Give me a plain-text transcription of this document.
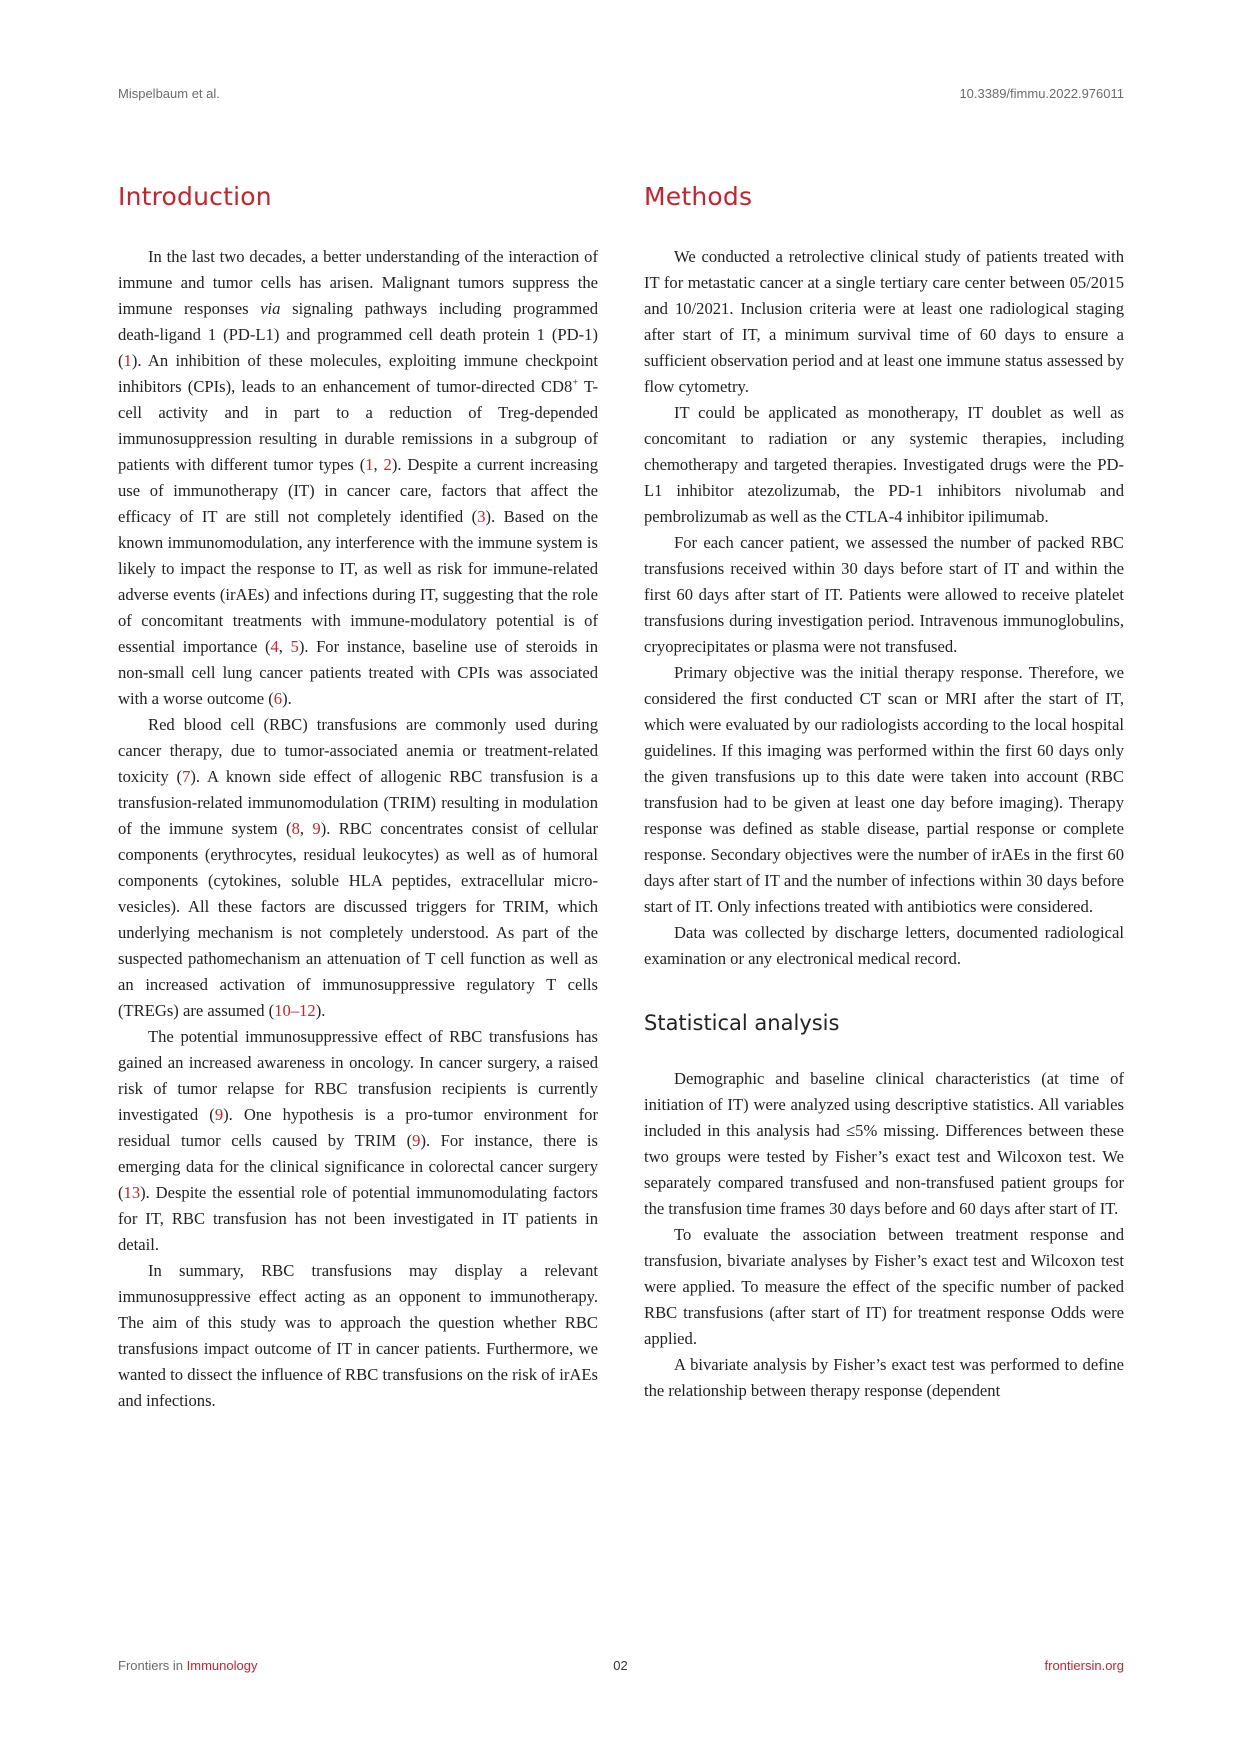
Mispelbaum et al.	10.3389/fimmu.2022.976011
Introduction

In the last two decades, a better understanding of the interaction of immune and tumor cells has arisen. Malignant tumors suppress the immune responses via signaling pathways including programmed death-ligand 1 (PD-L1) and programmed cell death protein 1 (PD-1) (1). An inhibition of these molecules, exploiting immune checkpoint inhibitors (CPIs), leads to an enhancement of tumor-directed CD8+ T-cell activity and in part to a reduction of Treg-depended immunosuppression resulting in durable remissions in a subgroup of patients with different tumor types (1, 2). Despite a current increasing use of immunotherapy (IT) in cancer care, factors that affect the efficacy of IT are still not completely identified (3). Based on the known immunomodulation, any interference with the immune system is likely to impact the response to IT, as well as risk for immune-related adverse events (irAEs) and infections during IT, suggesting that the role of concomitant treatments with immune-modulatory potential is of essential importance (4, 5). For instance, baseline use of steroids in non-small cell lung cancer patients treated with CPIs was associated with a worse outcome (6).

Red blood cell (RBC) transfusions are commonly used during cancer therapy, due to tumor-associated anemia or treatment-related toxicity (7). A known side effect of allogenic RBC transfusion is a transfusion-related immunomodulation (TRIM) resulting in modulation of the immune system (8, 9). RBC concentrates consist of cellular components (erythrocytes, residual leukocytes) as well as of humoral components (cytokines, soluble HLA peptides, extracellular micro-vesicles). All these factors are discussed triggers for TRIM, which underlying mechanism is not completely understood. As part of the suspected pathomechanism an attenuation of T cell function as well as an increased activation of immunosuppressive regulatory T cells (TREGs) are assumed (10–12).

The potential immunosuppressive effect of RBC transfusions has gained an increased awareness in oncology. In cancer surgery, a raised risk of tumor relapse for RBC transfusion recipients is currently investigated (9). One hypothesis is a pro-tumor environment for residual tumor cells caused by TRIM (9). For instance, there is emerging data for the clinical significance in colorectal cancer surgery (13). Despite the essential role of potential immunomodulating factors for IT, RBC transfusion has not been investigated in IT patients in detail.

In summary, RBC transfusions may display a relevant immunosuppressive effect acting as an opponent to immunotherapy. The aim of this study was to approach the question whether RBC transfusions impact outcome of IT in cancer patients. Furthermore, we wanted to dissect the influence of RBC transfusions on the risk of irAEs and infections.

Methods

We conducted a retrolective clinical study of patients treated with IT for metastatic cancer at a single tertiary care center between 05/2015 and 10/2021. Inclusion criteria were at least one radiological staging after start of IT, a minimum survival time of 60 days to ensure a sufficient observation period and at least one immune status assessed by flow cytometry.

IT could be applicated as monotherapy, IT doublet as well as concomitant to radiation or any systemic therapies, including chemotherapy and targeted therapies. Investigated drugs were the PD-L1 inhibitor atezolizumab, the PD-1 inhibitors nivolumab and pembrolizumab as well as the CTLA-4 inhibitor ipilimumab.

For each cancer patient, we assessed the number of packed RBC transfusions received within 30 days before start of IT and within the first 60 days after start of IT. Patients were allowed to receive platelet transfusions during investigation period. Intravenous immunoglobulins, cryoprecipitates or plasma were not transfused.

Primary objective was the initial therapy response. Therefore, we considered the first conducted CT scan or MRI after the start of IT, which were evaluated by our radiologists according to the local hospital guidelines. If this imaging was performed within the first 60 days only the given transfusions up to this date were taken into account (RBC transfusion had to be given at least one day before imaging). Therapy response was defined as stable disease, partial response or complete response. Secondary objectives were the number of irAEs in the first 60 days after start of IT and the number of infections within 30 days before start of IT. Only infections treated with antibiotics were considered.

Data was collected by discharge letters, documented radiological examination or any electronical medical record.

Statistical analysis

Demographic and baseline clinical characteristics (at time of initiation of IT) were analyzed using descriptive statistics. All variables included in this analysis had ≤5% missing. Differences between these two groups were tested by Fisher’s exact test and Wilcoxon test. We separately compared transfused and non-transfused patient groups for the transfusion time frames 30 days before and 60 days after start of IT.

To evaluate the association between treatment response and transfusion, bivariate analyses by Fisher’s exact test and Wilcoxon test were applied. To measure the effect of the specific number of packed RBC transfusions (after start of IT) for treatment response Odds were applied.

A bivariate analysis by Fisher’s exact test was performed to define the relationship between therapy response (dependent

Frontiers in Immunology	02	frontiersin.org
